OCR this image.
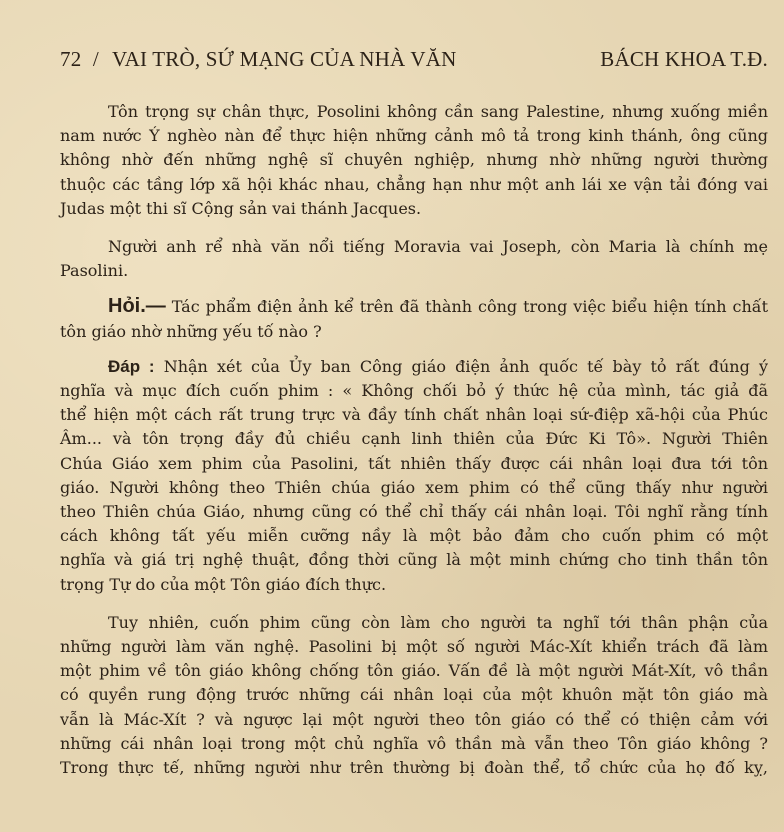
72 / VAI TRÒ, SỨ MẠNG CỦA NHÀ VĂN	BÁCH KHOA T.Đ.

Tôn trọng sự chân thực, Posolini không cần sang Palestine, nhưng xuống miền
nam nước Ý nghèo nàn để thực hiện những cảnh mô tả trong kinh thánh, ông cũng
không nhờ đến những nghệ sĩ chuyên nghiệp, nhưng nhờ những người thường
thuộc các tầng lớp xã hội khác nhau, chẳng hạn như một anh lái xe vận tải đóng vai
Judas một thi sĩ Cộng sản vai thánh Jacques.

Người anh rể nhà văn nổi tiếng Moravia vai Joseph, còn Maria là chính mẹ
Pasolini.

Hỏi.— Tác phẩm điện ảnh kể trên đã thành công trong việc biểu hiện tính chất
tôn giáo nhờ những yếu tố nào ?

Đáp : Nhận xét của Ủy ban Công giáo điện ảnh quốc tế bày tỏ rất đúng ý
nghĩa và mục đích cuốn phim : « Không chối bỏ ý thức hệ của mình, tác giả đã
thể hiện một cách rất trung trực và đầy tính chất nhân loại sứ-điệp xã-hội của Phúc
Âm... và tôn trọng đầy đủ chiều cạnh linh thiên của Đức Ki Tô». Người Thiên
Chúa Giáo xem phim của Pasolini, tất nhiên thấy được cái nhân loại đưa tới tôn
giáo. Người không theo Thiên chúa giáo xem phim có thể cũng thấy như người
theo Thiên chúa Giáo, nhưng cũng có thể chỉ thấy cái nhân loại. Tôi nghĩ rằng tính
cách không tất yếu miễn cưỡng nầy là một bảo đảm cho cuốn phim có một
nghĩa và giá trị nghệ thuật, đồng thời cũng là một minh chứng cho tinh thần tôn
trọng Tự do của một Tôn giáo đích thực.

Tuy nhiên, cuốn phim cũng còn làm cho người ta nghĩ tới thân phận của
những người làm văn nghệ. Pasolini bị một số người Mác-Xít khiển trách đã làm
một phim về tôn giáo không chống tôn giáo. Vấn đề là một người Mát-Xít, vô thần
có quyền rung động trước những cái nhân loại của một khuôn mặt tôn giáo mà
vẫn là Mác-Xít ? và ngược lại một người theo tôn giáo có thể có thiện cảm với
những cái nhân loại trong một chủ nghĩa vô thần mà vẫn theo Tôn giáo không ?
Trong thực tế, những người như trên thường bị đoàn thể, tổ chức của họ đố kỵ,
